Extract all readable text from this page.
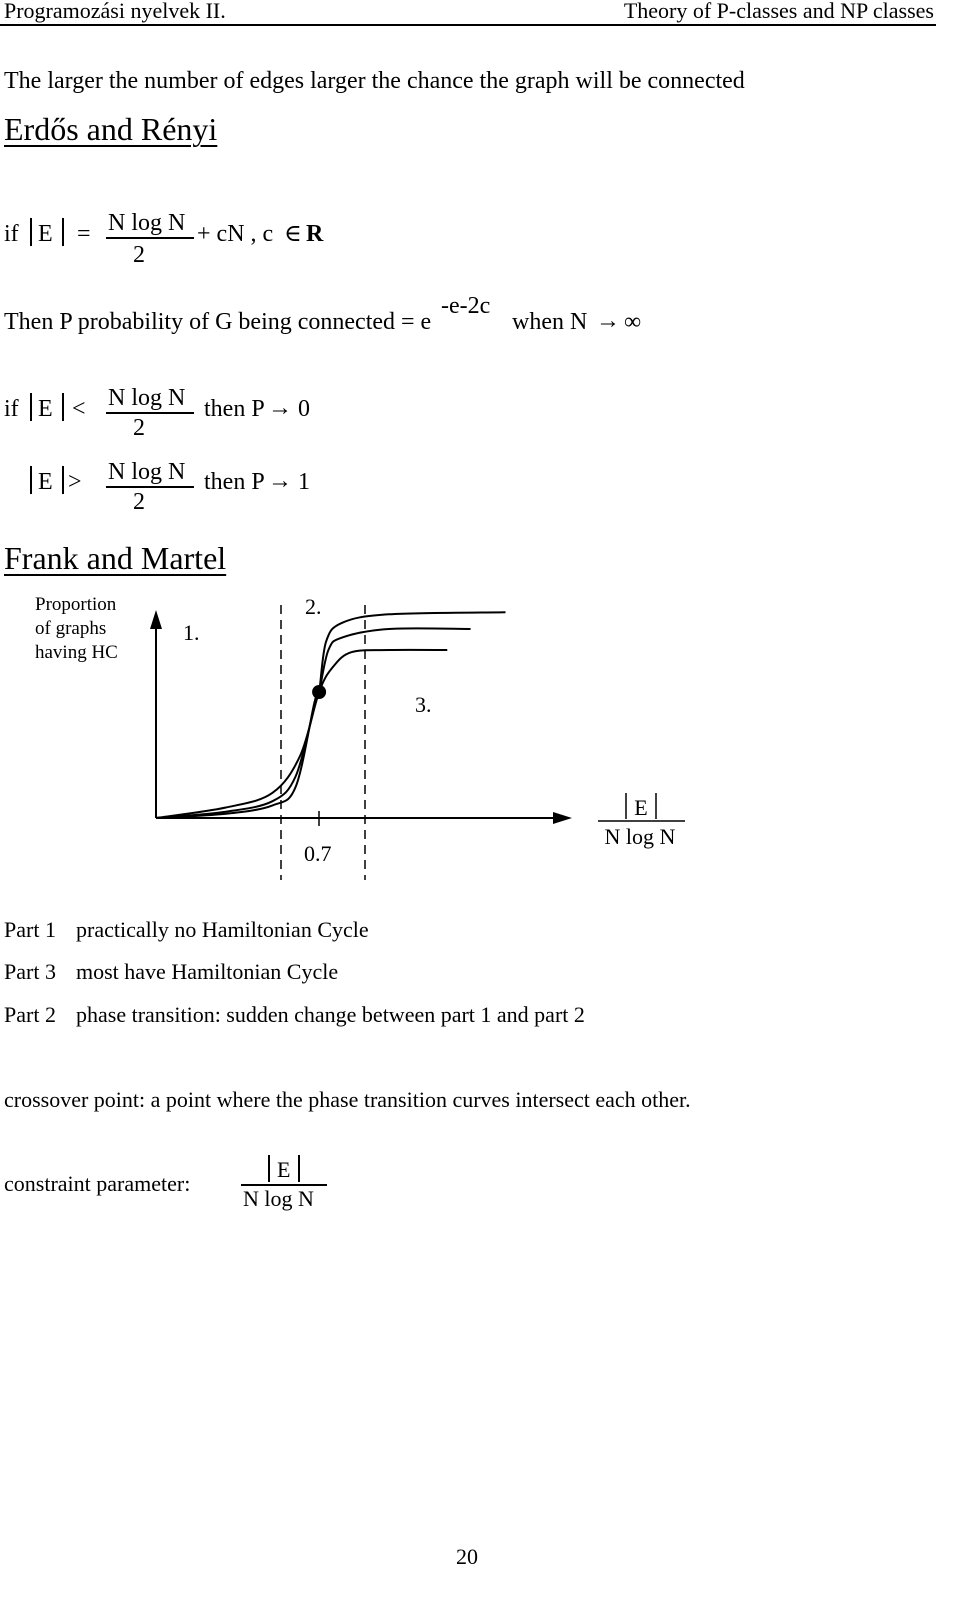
Programozási nyelvek II.	Theory of P-classes and NP classes
The larger the number of edges larger the chance the graph will be connected
Erdős and Rényi
if E = N log N
2
+ cN , c ∈ R
Then P probability of G being connected = e
-e-2c
when N → ∞
if E < N log N
2
then P → 0
E > N log N
2
then P → 1
Frank and Martel
Proportion
of graphs
having HC
1.
2.
3.
0.7
E
N log N
Part 1 practically no Hamiltonian Cycle
Part 3 most have Hamiltonian Cycle
Part 2 phase transition: sudden change between part 1 and part 2
crossover point: a point where the phase transition curves intersect each other.
constraint parameter:
E
N log N
20
